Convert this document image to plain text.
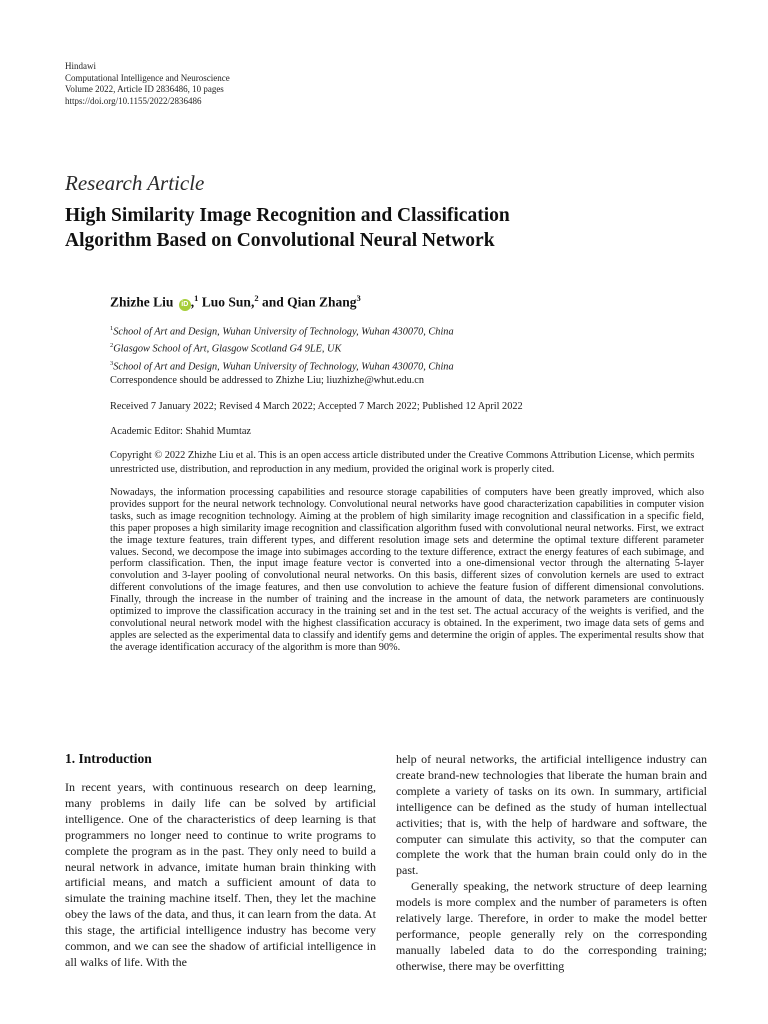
Hindawi
Computational Intelligence and Neuroscience
Volume 2022, Article ID 2836486, 10 pages
https://doi.org/10.1155/2022/2836486
Research Article
High Similarity Image Recognition and Classification
Algorithm Based on Convolutional Neural Network
Zhizhe Liu iD ,$^1$ Luo Sun,$^2$ and Qian Zhang$^3$
$^1$School of Art and Design, Wuhan University of Technology, Wuhan 430070, China
$^2$Glasgow School of Art, Glasgow Scotland G4 9LE, UK
$^3$School of Art and Design, Wuhan University of Technology, Wuhan 430070, China
Correspondence should be addressed to Zhizhe Liu; liuzhizhe@whut.edu.cn
Received 7 January 2022; Revised 4 March 2022; Accepted 7 March 2022; Published 12 April 2022
Academic Editor: Shahid Mumtaz
Copyright © 2022 Zhizhe Liu et al. This is an open access article distributed under the Creative Commons Attribution License, which permits unrestricted use, distribution, and reproduction in any medium, provided the original work is properly cited.
Nowadays, the information processing capabilities and resource storage capabilities of computers have been greatly improved, which also provides support for the neural network technology. Convolutional neural networks have good characterization capabilities in computer vision tasks, such as image recognition technology. Aiming at the problem of high similarity image recognition and classification in a specific field, this paper proposes a high similarity image recognition and classification algorithm fused with convolutional neural networks. First, we extract the image texture features, train different types, and different resolution image sets and determine the optimal texture different parameter values. Second, we decompose the image into subimages according to the texture difference, extract the energy features of each subimage, and perform classification. Then, the input image feature vector is converted into a one-dimensional vector through the alternating 5-layer convolution and 3-layer pooling of convolutional neural networks. On this basis, different sizes of convolution kernels are used to extract different convolutions of the image features, and then use convolution to achieve the feature fusion of different dimensional convolutions. Finally, through the increase in the number of training and the increase in the amount of data, the network parameters are continuously optimized to improve the classification accuracy in the training set and in the test set. The actual accuracy of the weights is verified, and the convolutional neural network model with the highest classification accuracy is obtained. In the experiment, two image data sets of gems and apples are selected as the experimental data to classify and identify gems and determine the origin of apples. The experimental results show that the average identification accuracy of the algorithm is more than 90%.
1. Introduction

In recent years, with continuous research on deep learning, many problems in daily life can be solved by artificial intelligence. One of the characteristics of deep learning is that programmers no longer need to continue to write programs to complete the program as in the past. They only need to build a neural network in advance, imitate human brain thinking with artificial means, and match a sufficient amount of data to simulate the training machine itself. Then, they let the machine obey the laws of the data, and thus, it can learn from the data. At this stage, the artificial intelligence industry has become very common, and we can see the shadow of artificial intelligence in all walks of life. With the

help of neural networks, the artificial intelligence industry can create brand-new technologies that liberate the human brain and complete a variety of tasks on its own. In summary, artificial intelligence can be defined as the study of human intellectual activities; that is, with the help of hardware and software, the computer can simulate this activity, so that the computer can complete the work that the human brain could only do in the past.

Generally speaking, the network structure of deep learning models is more complex and the number of parameters is often relatively large. Therefore, in order to make the model better performance, people generally rely on the corresponding manually labeled data to do the corresponding training; otherwise, there may be overfitting
